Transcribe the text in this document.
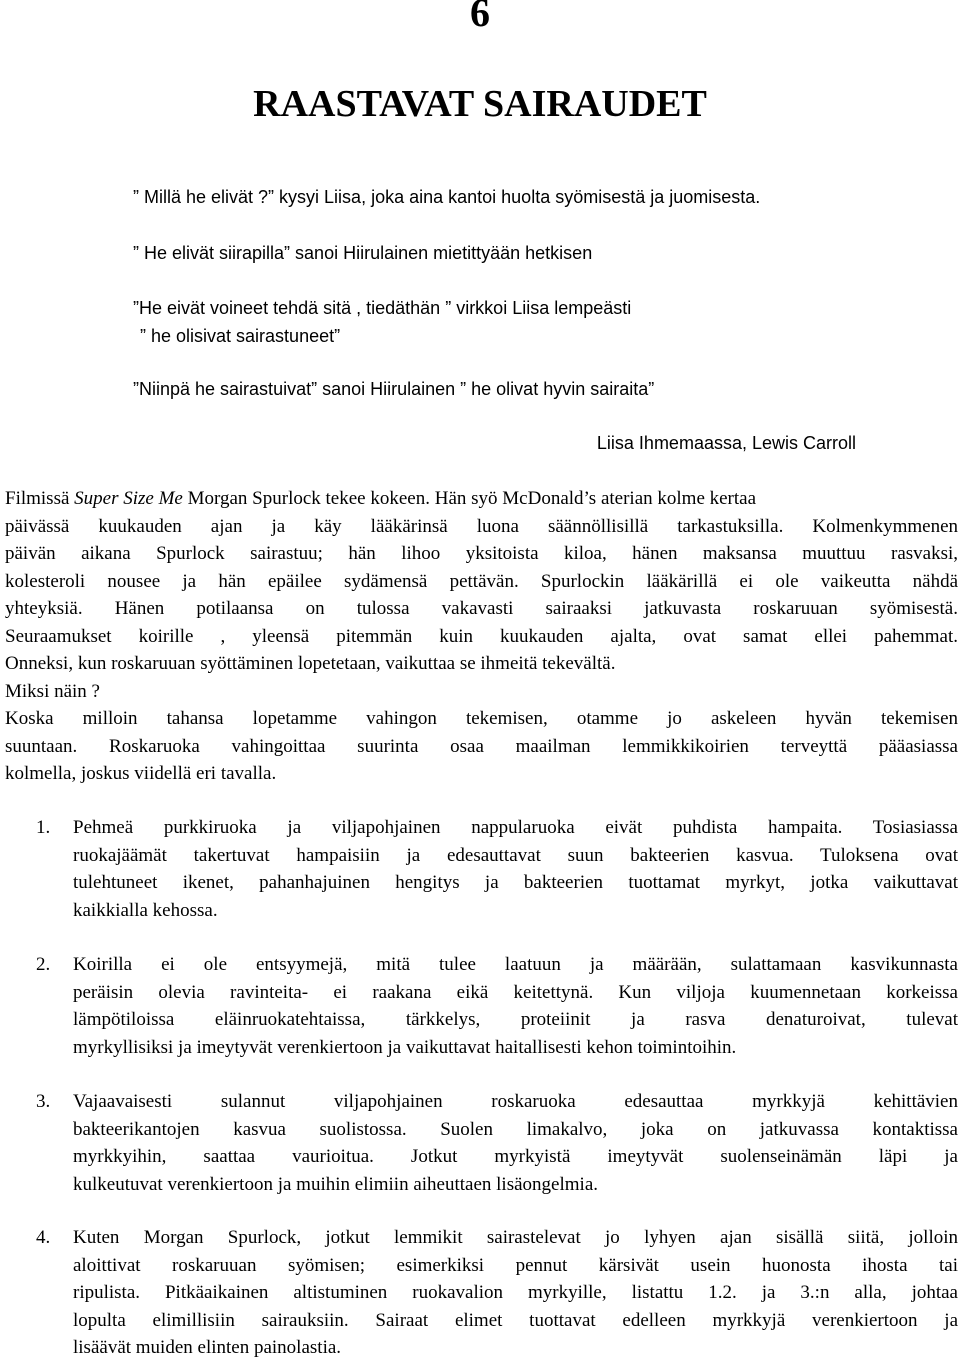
6
RAASTAVAT SAIRAUDET
” Millä he elivät ?” kysyi Liisa, joka aina kantoi huolta syömisestä ja juomisesta.
” He elivät siirapilla” sanoi Hiirulainen mietittyään hetkisen
”He eivät voineet tehdä sitä , tiedäthän ” virkkoi Liisa lempeästi
” he olisivat sairastuneet”
”Niinpä he sairastuivat” sanoi Hiirulainen ” he olivat hyvin sairaita”
Liisa Ihmemaassa, Lewis Carroll
Filmissä Super Size Me Morgan Spurlock tekee kokeen. Hän syö McDonald’s aterian kolme kertaa
päivässä kuukauden ajan ja käy lääkärinsä luona säännöllisillä tarkastuksilla. Kolmenkymmenen
päivän aikana Spurlock sairastuu; hän lihoo yksitoista kiloa, hänen maksansa muuttuu rasvaksi,
kolesteroli nousee ja hän epäilee sydämensä pettävän. Spurlockin lääkärillä ei ole vaikeutta nähdä
yhteyksiä. Hänen potilaansa on tulossa vakavasti sairaaksi jatkuvasta roskaruuan syömisestä.
Seuraamukset koirille , yleensä pitemmän kuin kuukauden ajalta, ovat samat ellei pahemmat.
Onneksi, kun roskaruuan syöttäminen lopetetaan, vaikuttaa se ihmeitä tekevältä.
Miksi näin ?
Koska milloin tahansa lopetamme vahingon tekemisen, otamme jo askeleen hyvän tekemisen
suuntaan. Roskaruoka vahingoittaa suurinta osaa maailman lemmikkikoirien terveyttä pääasiassa
kolmella, joskus viidellä eri tavalla.
1.	Pehmeä purkkiruoka ja viljapohjainen nappularuoka eivät puhdista hampaita. Tosiasiassa
ruokajäämät takertuvat hampaisiin ja edesauttavat suun bakteerien kasvua. Tuloksena ovat
tulehtuneet ikenet, pahanhajuinen hengitys ja bakteerien tuottamat myrkyt, jotka vaikuttavat
kaikkialla kehossa.
2.	Koirilla ei ole entsyymejä, mitä tulee laatuun ja määrään, sulattamaan kasvikunnasta
peräisin olevia ravinteita- ei raakana eikä keitettynä. Kun viljoja kuumennetaan korkeissa
lämpötiloissa eläinruokatehtaissa, tärkkelys, proteiinit ja rasva denaturoivat, tulevat
myrkyllisiksi ja imeytyvät verenkiertoon ja vaikuttavat haitallisesti kehon toimintoihin.
3.	Vajaavaisesti sulannut viljapohjainen roskaruoka edesauttaa myrkkyjä kehittävien
bakteerikantojen kasvua suolistossa. Suolen limakalvo, joka on jatkuvassa kontaktissa
myrkkyihin, saattaa vaurioitua. Jotkut myrkyistä imeytyvät suolenseinämän läpi ja
kulkeutuvat verenkiertoon ja muihin elimiin aiheuttaen lisäongelmia.
4.	Kuten Morgan Spurlock, jotkut lemmikit sairastelevat jo lyhyen ajan sisällä siitä, jolloin
aloittivat roskaruuan syömisen; esimerkiksi pennut kärsivät usein huonosta ihosta tai
ripulista. Pitkäaikainen altistuminen ruokavalion myrkyille, listattu 1.2. ja 3.:n alla, johtaa
lopulta elimillisiin sairauksiin. Sairaat elimet tuottavat edelleen myrkkyjä verenkiertoon ja
lisäävät muiden elinten painolastia.
